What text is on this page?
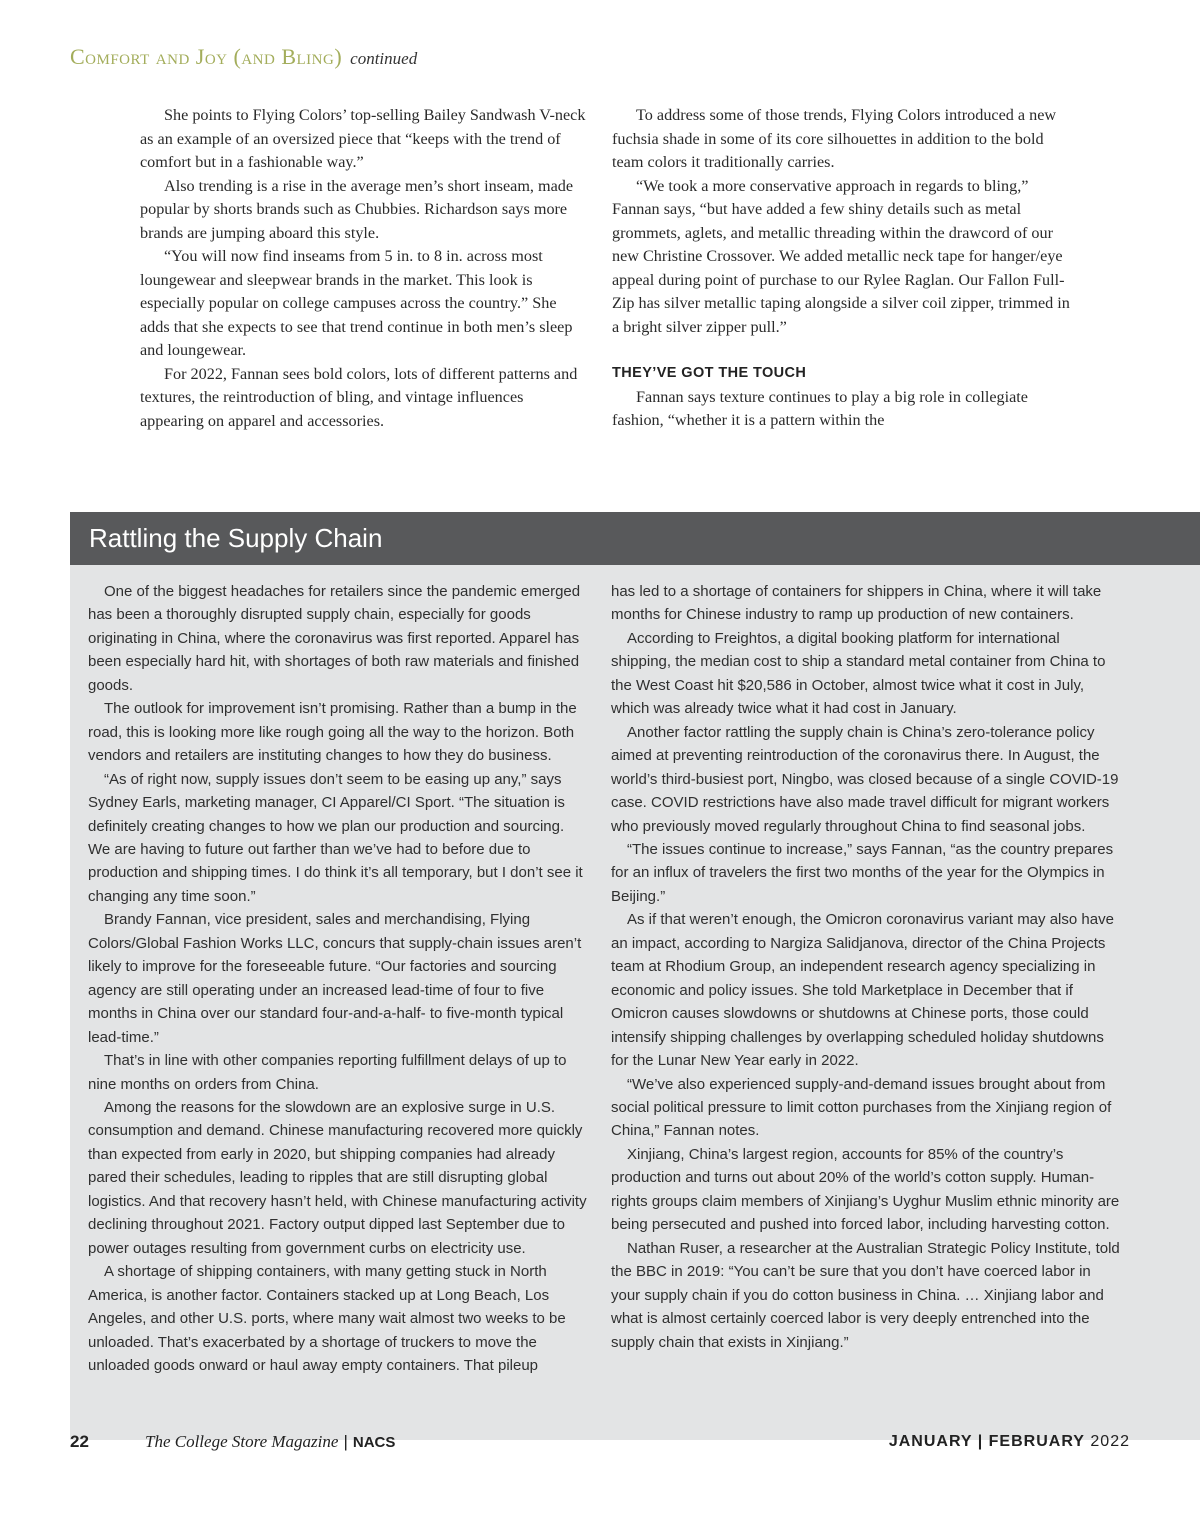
Comfort and Joy (and Bling) continued

She points to Flying Colors’ top-selling Bailey Sandwash V-neck as an example of an oversized piece that “keeps with the trend of comfort but in a fashionable way.”

Also trending is a rise in the average men’s short inseam, made popular by shorts brands such as Chubbies. Richardson says more brands are jumping aboard this style.

“You will now find inseams from 5 in. to 8 in. across most loungewear and sleepwear brands in the market. This look is especially popular on college campuses across the country.” She adds that she expects to see that trend continue in both men’s sleep and loungewear.

For 2022, Fannan sees bold colors, lots of different patterns and textures, the reintroduction of bling, and vintage influences appearing on apparel and accessories.

To address some of those trends, Flying Colors introduced a new fuchsia shade in some of its core silhouettes in addition to the bold team colors it traditionally carries.

“We took a more conservative approach in regards to bling,” Fannan says, “but have added a few shiny details such as metal grommets, aglets, and metallic threading within the drawcord of our new Christine Crossover. We added metallic neck tape for hanger/eye appeal during point of purchase to our Rylee Raglan. Our Fallon Full-Zip has silver metallic taping alongside a silver coil zipper, trimmed in a bright silver zipper pull.”

THEY’VE GOT THE TOUCH

Fannan says texture continues to play a big role in collegiate fashion, “whether it is a pattern within the

Rattling the Supply Chain

One of the biggest headaches for retailers since the pandemic emerged has been a thoroughly disrupted supply chain, especially for goods originating in China, where the coronavirus was first reported. Apparel has been especially hard hit, with shortages of both raw materials and finished goods.

The outlook for improvement isn’t promising. Rather than a bump in the road, this is looking more like rough going all the way to the horizon. Both vendors and retailers are instituting changes to how they do business.

“As of right now, supply issues don’t seem to be easing up any,” says Sydney Earls, marketing manager, CI Apparel/CI Sport. “The situation is definitely creating changes to how we plan our production and sourcing. We are having to future out farther than we’ve had to before due to production and shipping times. I do think it’s all temporary, but I don’t see it changing any time soon.”

Brandy Fannan, vice president, sales and merchandising, Flying Colors/Global Fashion Works LLC, concurs that supply-chain issues aren’t likely to improve for the foreseeable future. “Our factories and sourcing agency are still operating under an increased lead-time of four to five months in China over our standard four-and-a-half- to five-month typical lead-time.”

That’s in line with other companies reporting fulfillment delays of up to nine months on orders from China.

Among the reasons for the slowdown are an explosive surge in U.S. consumption and demand. Chinese manufacturing recovered more quickly than expected from early in 2020, but shipping companies had already pared their schedules, leading to ripples that are still disrupting global logistics. And that recovery hasn’t held, with Chinese manufacturing activity declining throughout 2021. Factory output dipped last September due to power outages resulting from government curbs on electricity use.

A shortage of shipping containers, with many getting stuck in North America, is another factor. Containers stacked up at Long Beach, Los Angeles, and other U.S. ports, where many wait almost two weeks to be unloaded. That’s exacerbated by a shortage of truckers to move the unloaded goods onward or haul away empty containers. That pileup

has led to a shortage of containers for shippers in China, where it will take months for Chinese industry to ramp up production of new containers.

According to Freightos, a digital booking platform for international shipping, the median cost to ship a standard metal container from China to the West Coast hit $20,586 in October, almost twice what it cost in July, which was already twice what it had cost in January.

Another factor rattling the supply chain is China’s zero-tolerance policy aimed at preventing reintroduction of the coronavirus there. In August, the world’s third-busiest port, Ningbo, was closed because of a single COVID-19 case. COVID restrictions have also made travel difficult for migrant workers who previously moved regularly throughout China to find seasonal jobs.

“The issues continue to increase,” says Fannan, “as the country prepares for an influx of travelers the first two months of the year for the Olympics in Beijing.”

As if that weren’t enough, the Omicron coronavirus variant may also have an impact, according to Nargiza Salidjanova, director of the China Projects team at Rhodium Group, an independent research agency specializing in economic and policy issues. She told Marketplace in December that if Omicron causes slowdowns or shutdowns at Chinese ports, those could intensify shipping challenges by overlapping scheduled holiday shutdowns for the Lunar New Year early in 2022.

“We’ve also experienced supply-and-demand issues brought about from social political pressure to limit cotton purchases from the Xinjiang region of China,” Fannan notes.

Xinjiang, China’s largest region, accounts for 85% of the country’s production and turns out about 20% of the world’s cotton supply. Human-rights groups claim members of Xinjiang’s Uyghur Muslim ethnic minority are being persecuted and pushed into forced labor, including harvesting cotton.

Nathan Ruser, a researcher at the Australian Strategic Policy Institute, told the BBC in 2019: “You can’t be sure that you don’t have coerced labor in your supply chain if you do cotton business in China. … Xinjiang labor and what is almost certainly coerced labor is very deeply entrenched into the supply chain that exists in Xinjiang.”

22	The College Store Magazine | NACS	JANUARY | FEBRUARY 2022
